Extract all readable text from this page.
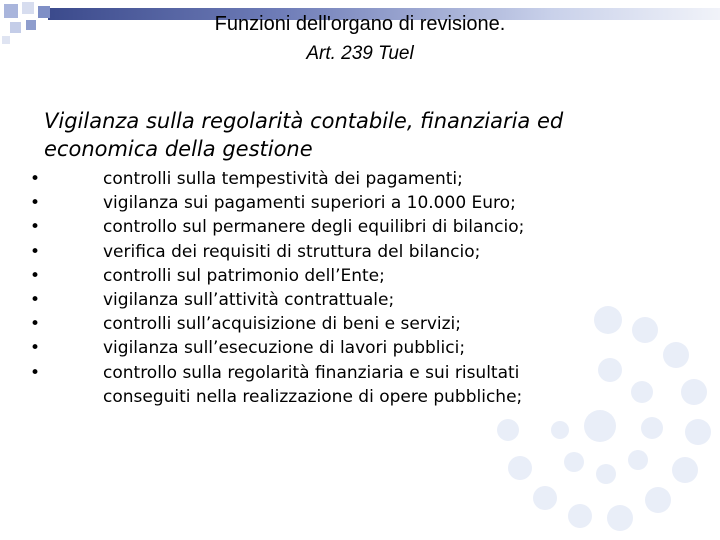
Funzioni dell'organo di revisione.
Art. 239 Tuel
Vigilanza sulla regolarità contabile, finanziaria ed economica della gestione
•	controlli sulla tempestività dei pagamenti;
•	vigilanza sui pagamenti superiori a 10.000 Euro;
•	controllo sul permanere degli equilibri di bilancio;
•	verifica dei requisiti di struttura del bilancio;
•	controlli sul patrimonio dell’Ente;
•	vigilanza sull’attività contrattuale;
•	controlli sull’acquisizione di beni e servizi;
•	vigilanza sull’esecuzione di lavori pubblici;
•	controllo sulla regolarità finanziaria e sui risultati conseguiti nella realizzazione di opere pubbliche;
